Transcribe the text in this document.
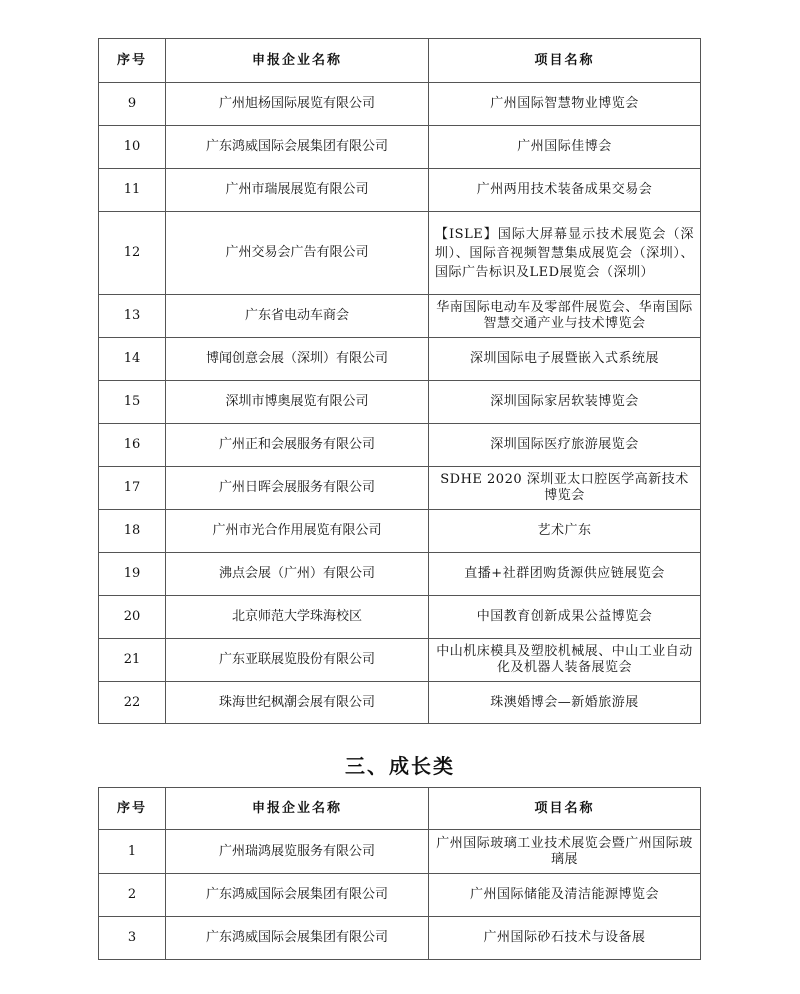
序号	申报企业名称	项目名称
9	广州旭杨国际展览有限公司	广州国际智慧物业博览会
10	广东鸿威国际会展集团有限公司	广州国际佳博会
11	广州市瑞展展览有限公司	广州两用技术装备成果交易会
12	广州交易会广告有限公司	【ISLE】国际大屏幕显示技术展览会（深圳）、国际音视频智慧集成展览会（深圳）、国际广告标识及LED展览会（深圳）
13	广东省电动车商会	华南国际电动车及零部件展览会、华南国际智慧交通产业与技术博览会
14	博闻创意会展（深圳）有限公司	深圳国际电子展暨嵌入式系统展
15	深圳市博奥展览有限公司	深圳国际家居软装博览会
16	广州正和会展服务有限公司	深圳国际医疗旅游展览会
17	广州日晖会展服务有限公司	SDHE 2020 深圳亚太口腔医学高新技术博览会
18	广州市光合作用展览有限公司	艺术广东
19	沸点会展（广州）有限公司	直播+社群团购货源供应链展览会
20	北京师范大学珠海校区	中国教育创新成果公益博览会
21	广东亚联展览股份有限公司	中山机床模具及塑胶机械展、中山工业自动化及机器人装备展览会
22	珠海世纪枫潮会展有限公司	珠澳婚博会—新婚旅游展
三、成长类
序号	申报企业名称	项目名称
1	广州瑞鸿展览服务有限公司	广州国际玻璃工业技术展览会暨广州国际玻璃展
2	广东鸿威国际会展集团有限公司	广州国际储能及清洁能源博览会
3	广东鸿威国际会展集团有限公司	广州国际砂石技术与设备展
